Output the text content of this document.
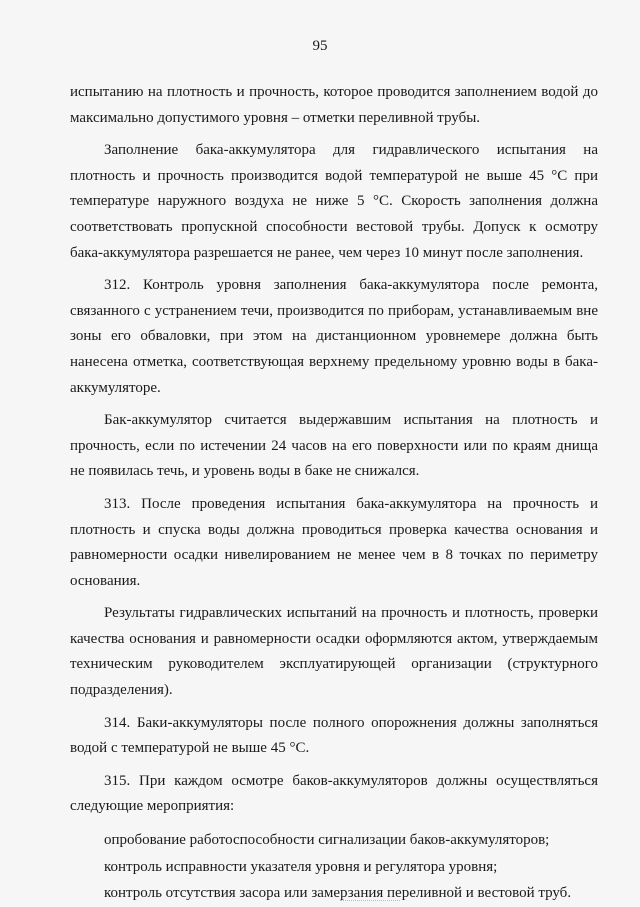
95

испытанию на плотность и прочность, которое проводится заполнением водой до максимально допустимого уровня – отметки переливной трубы.

Заполнение бака-аккумулятора для гидравлического испытания на плотность и прочность производится водой температурой не выше 45 °С при температуре наружного воздуха не ниже 5 °С. Скорость заполнения должна соответствовать пропускной способности вестовой трубы. Допуск к осмотру бака-аккумулятора разрешается не ранее, чем через 10 минут после заполнения.

312. Контроль уровня заполнения бака-аккумулятора после ремонта, связанного с устранением течи, производится по приборам, устанавливаемым вне зоны его обваловки, при этом на дистанционном уровнемере должна быть нанесена отметка, соответствующая верхнему предельному уровню воды в бака-аккумуляторе.

Бак-аккумулятор считается выдержавшим испытания на плотность и прочность, если по истечении 24 часов на его поверхности или по краям днища не появилась течь, и уровень воды в баке не снижался.

313. После проведения испытания бака-аккумулятора на прочность и плотность и спуска воды должна проводиться проверка качества основания и равномерности осадки нивелированием не менее чем в 8 точках по периметру основания.

Результаты гидравлических испытаний на прочность и плотность, проверки качества основания и равномерности осадки оформляются актом, утверждаемым техническим руководителем эксплуатирующей организации (структурного подразделения).

314. Баки-аккумуляторы после полного опорожнения должны заполняться водой с температурой не выше 45 °С.

315. При каждом осмотре баков-аккумуляторов должны осуществляться следующие мероприятия:

опробование работоспособности сигнализации баков-аккумуляторов;

контроль исправности указателя уровня и регулятора уровня;

контроль отсутствия засора или замерзания переливной и вестовой труб.
